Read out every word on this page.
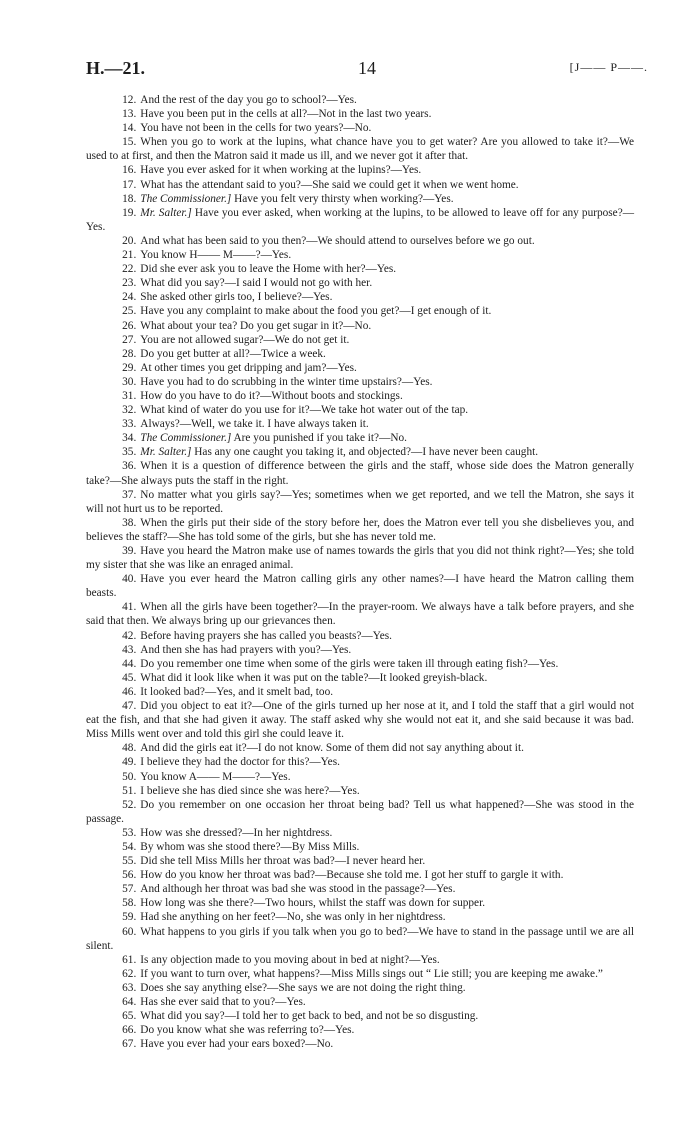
H.—21.	14	[J—— P——.

12. And the rest of the day you go to school?—Yes.

13. Have you been put in the cells at all?—Not in the last two years.

14. You have not been in the cells for two years?—No.

15. When you go to work at the lupins, what chance have you to get water? Are you allowed to take it?—We used to at first, and then the Matron said it made us ill, and we never got it after that.

16. Have you ever asked for it when working at the lupins?—Yes.

17. What has the attendant said to you?—She said we could get it when we went home.

18. The Commissioner.] Have you felt very thirsty when working?—Yes.

19. Mr. Salter.] Have you ever asked, when working at the lupins, to be allowed to leave off for any purpose?—Yes.

20. And what has been said to you then?—We should attend to ourselves before we go out.

21. You know H—— M——?—Yes.

22. Did she ever ask you to leave the Home with her?—Yes.

23. What did you say?—I said I would not go with her.

24. She asked other girls too, I believe?—Yes.

25. Have you any complaint to make about the food you get?—I get enough of it.

26. What about your tea? Do you get sugar in it?—No.

27. You are not allowed sugar?—We do not get it.

28. Do you get butter at all?—Twice a week.

29. At other times you get dripping and jam?—Yes.

30. Have you had to do scrubbing in the winter time upstairs?—Yes.

31. How do you have to do it?—Without boots and stockings.

32. What kind of water do you use for it?—We take hot water out of the tap.

33. Always?—Well, we take it. I have always taken it.

34. The Commissioner.] Are you punished if you take it?—No.

35. Mr. Salter.] Has any one caught you taking it, and objected?—I have never been caught.

36. When it is a question of difference between the girls and the staff, whose side does the Matron generally take?—She always puts the staff in the right.

37. No matter what you girls say?—Yes; sometimes when we get reported, and we tell the Matron, she says it will not hurt us to be reported.

38. When the girls put their side of the story before her, does the Matron ever tell you she disbelieves you, and believes the staff?—She has told some of the girls, but she has never told me.

39. Have you heard the Matron make use of names towards the girls that you did not think right?—Yes; she told my sister that she was like an enraged animal.

40. Have you ever heard the Matron calling girls any other names?—I have heard the Matron calling them beasts.

41. When all the girls have been together?—In the prayer-room. We always have a talk before prayers, and she said that then. We always bring up our grievances then.

42. Before having prayers she has called you beasts?—Yes.

43. And then she has had prayers with you?—Yes.

44. Do you remember one time when some of the girls were taken ill through eating fish?—Yes.

45. What did it look like when it was put on the table?—It looked greyish-black.

46. It looked bad?—Yes, and it smelt bad, too.

47. Did you object to eat it?—One of the girls turned up her nose at it, and I told the staff that a girl would not eat the fish, and that she had given it away. The staff asked why she would not eat it, and she said because it was bad. Miss Mills went over and told this girl she could leave it.

48. And did the girls eat it?—I do not know. Some of them did not say anything about it.

49. I believe they had the doctor for this?—Yes.

50. You know A—— M——?—Yes.

51. I believe she has died since she was here?—Yes.

52. Do you remember on one occasion her throat being bad? Tell us what happened?—She was stood in the passage.

53. How was she dressed?—In her nightdress.

54. By whom was she stood there?—By Miss Mills.

55. Did she tell Miss Mills her throat was bad?—I never heard her.

56. How do you know her throat was bad?—Because she told me. I got her stuff to gargle it with.

57. And although her throat was bad she was stood in the passage?—Yes.

58. How long was she there?—Two hours, whilst the staff was down for supper.

59. Had she anything on her feet?—No, she was only in her nightdress.

60. What happens to you girls if you talk when you go to bed?—We have to stand in the passage until we are all silent.

61. Is any objection made to you moving about in bed at night?—Yes.

62. If you want to turn over, what happens?—Miss Mills sings out “ Lie still; you are keeping me awake.”

63. Does she say anything else?—She says we are not doing the right thing.

64. Has she ever said that to you?—Yes.

65. What did you say?—I told her to get back to bed, and not be so disgusting.

66. Do you know what she was referring to?—Yes.

67. Have you ever had your ears boxed?—No.
